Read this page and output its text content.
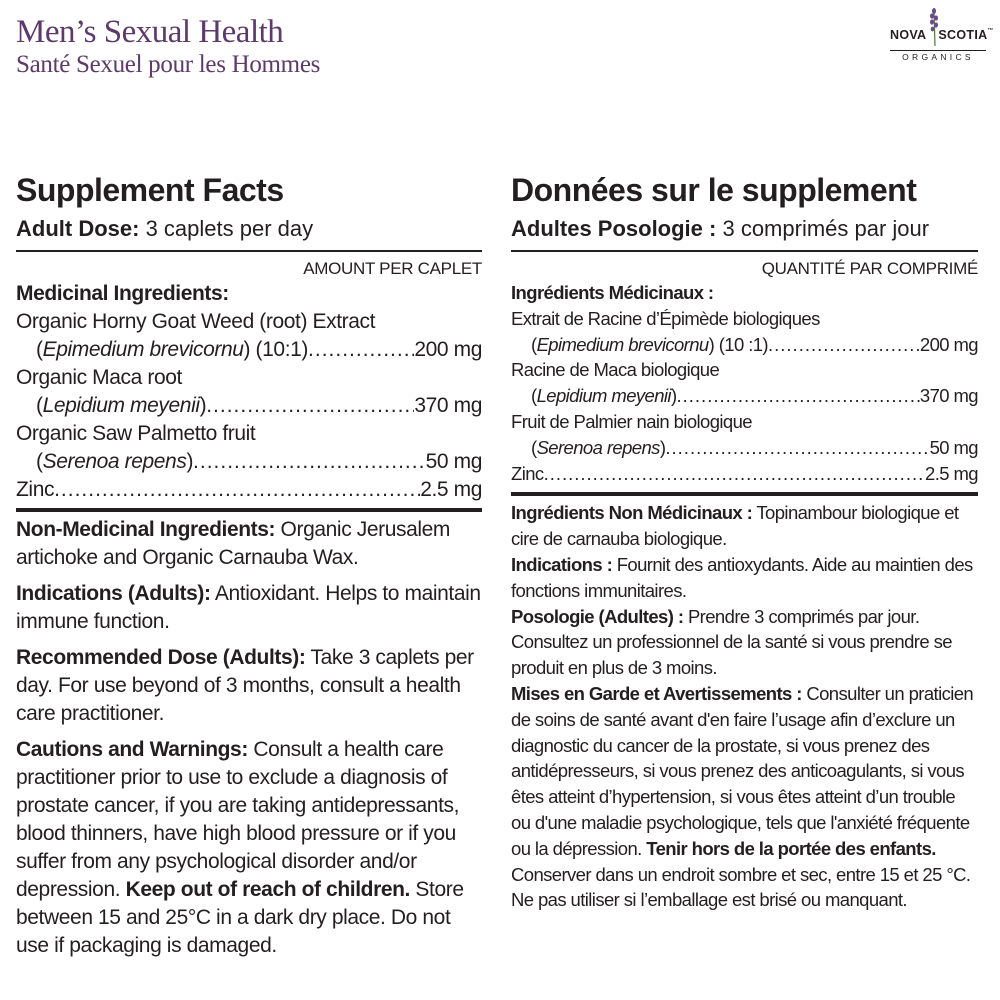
Men’s Sexual Health
Santé Sexuel pour les Hommes
NOVA SCOTIA™
ORGANICS
Supplement Facts
Adult Dose: 3 caplets per day
AMOUNT PER CAPLET
Medicinal Ingredients:
Organic Horny Goat Weed (root) Extract
(Epimedium brevicornu) (10:1) .....	200 mg
Organic Maca root
(Lepidium meyenii) .....	370 mg
Organic Saw Palmetto fruit
(Serenoa repens) .....	50 mg
Zinc .....	2.5 mg

Non-Medicinal Ingredients: Organic Jerusalem artichoke and Organic Carnauba Wax.

Indications (Adults): Antioxidant. Helps to maintain immune function.

Recommended Dose (Adults): Take 3 caplets per day. For use beyond of 3 months, consult a health care practitioner.

Cautions and Warnings: Consult a health care practitioner prior to use to exclude a diagnosis of prostate cancer, if you are taking antidepressants, blood thinners, have high blood pressure or if you suffer from any psychological disorder and/or depression. Keep out of reach of children. Store between 15 and 25°C in a dark dry place. Do not use if packaging is damaged.

Données sur le supplement
Adultes Posologie : 3 comprimés par jour
QUANTITÉ PAR COMPRIMÉ
Ingrédients Médicinaux :
Extrait de Racine d’Épimède biologiques
(Epimedium brevicornu) (10 :1) .....	200 mg
Racine de Maca biologique
(Lepidium meyenii) .....	370 mg
Fruit de Palmier nain biologique
(Serenoa repens) .....	50 mg
Zinc .....	2.5 mg

Ingrédients Non Médicinaux : Topinambour biologique et cire de carnauba biologique.

Indications : Fournit des antioxydants. Aide au maintien des fonctions immunitaires.

Posologie (Adultes) : Prendre 3 comprimés par jour. Consultez un professionnel de la santé si vous prendre se produit en plus de 3 moins.

Mises en Garde et Avertissements : Consulter un praticien de soins de santé avant d'en faire l’usage afin d’exclure un diagnostic du cancer de la prostate, si vous prenez des antidépresseurs, si vous prenez des anticoagulants, si vous êtes atteint d’hypertension, si vous êtes atteint d’un trouble ou d'une maladie psychologique, tels que l'anxiété fréquente ou la dépression. Tenir hors de la portée des enfants. Conserver dans un endroit sombre et sec, entre 15 et 25 °C. Ne pas utiliser si l’emballage est brisé ou manquant.
